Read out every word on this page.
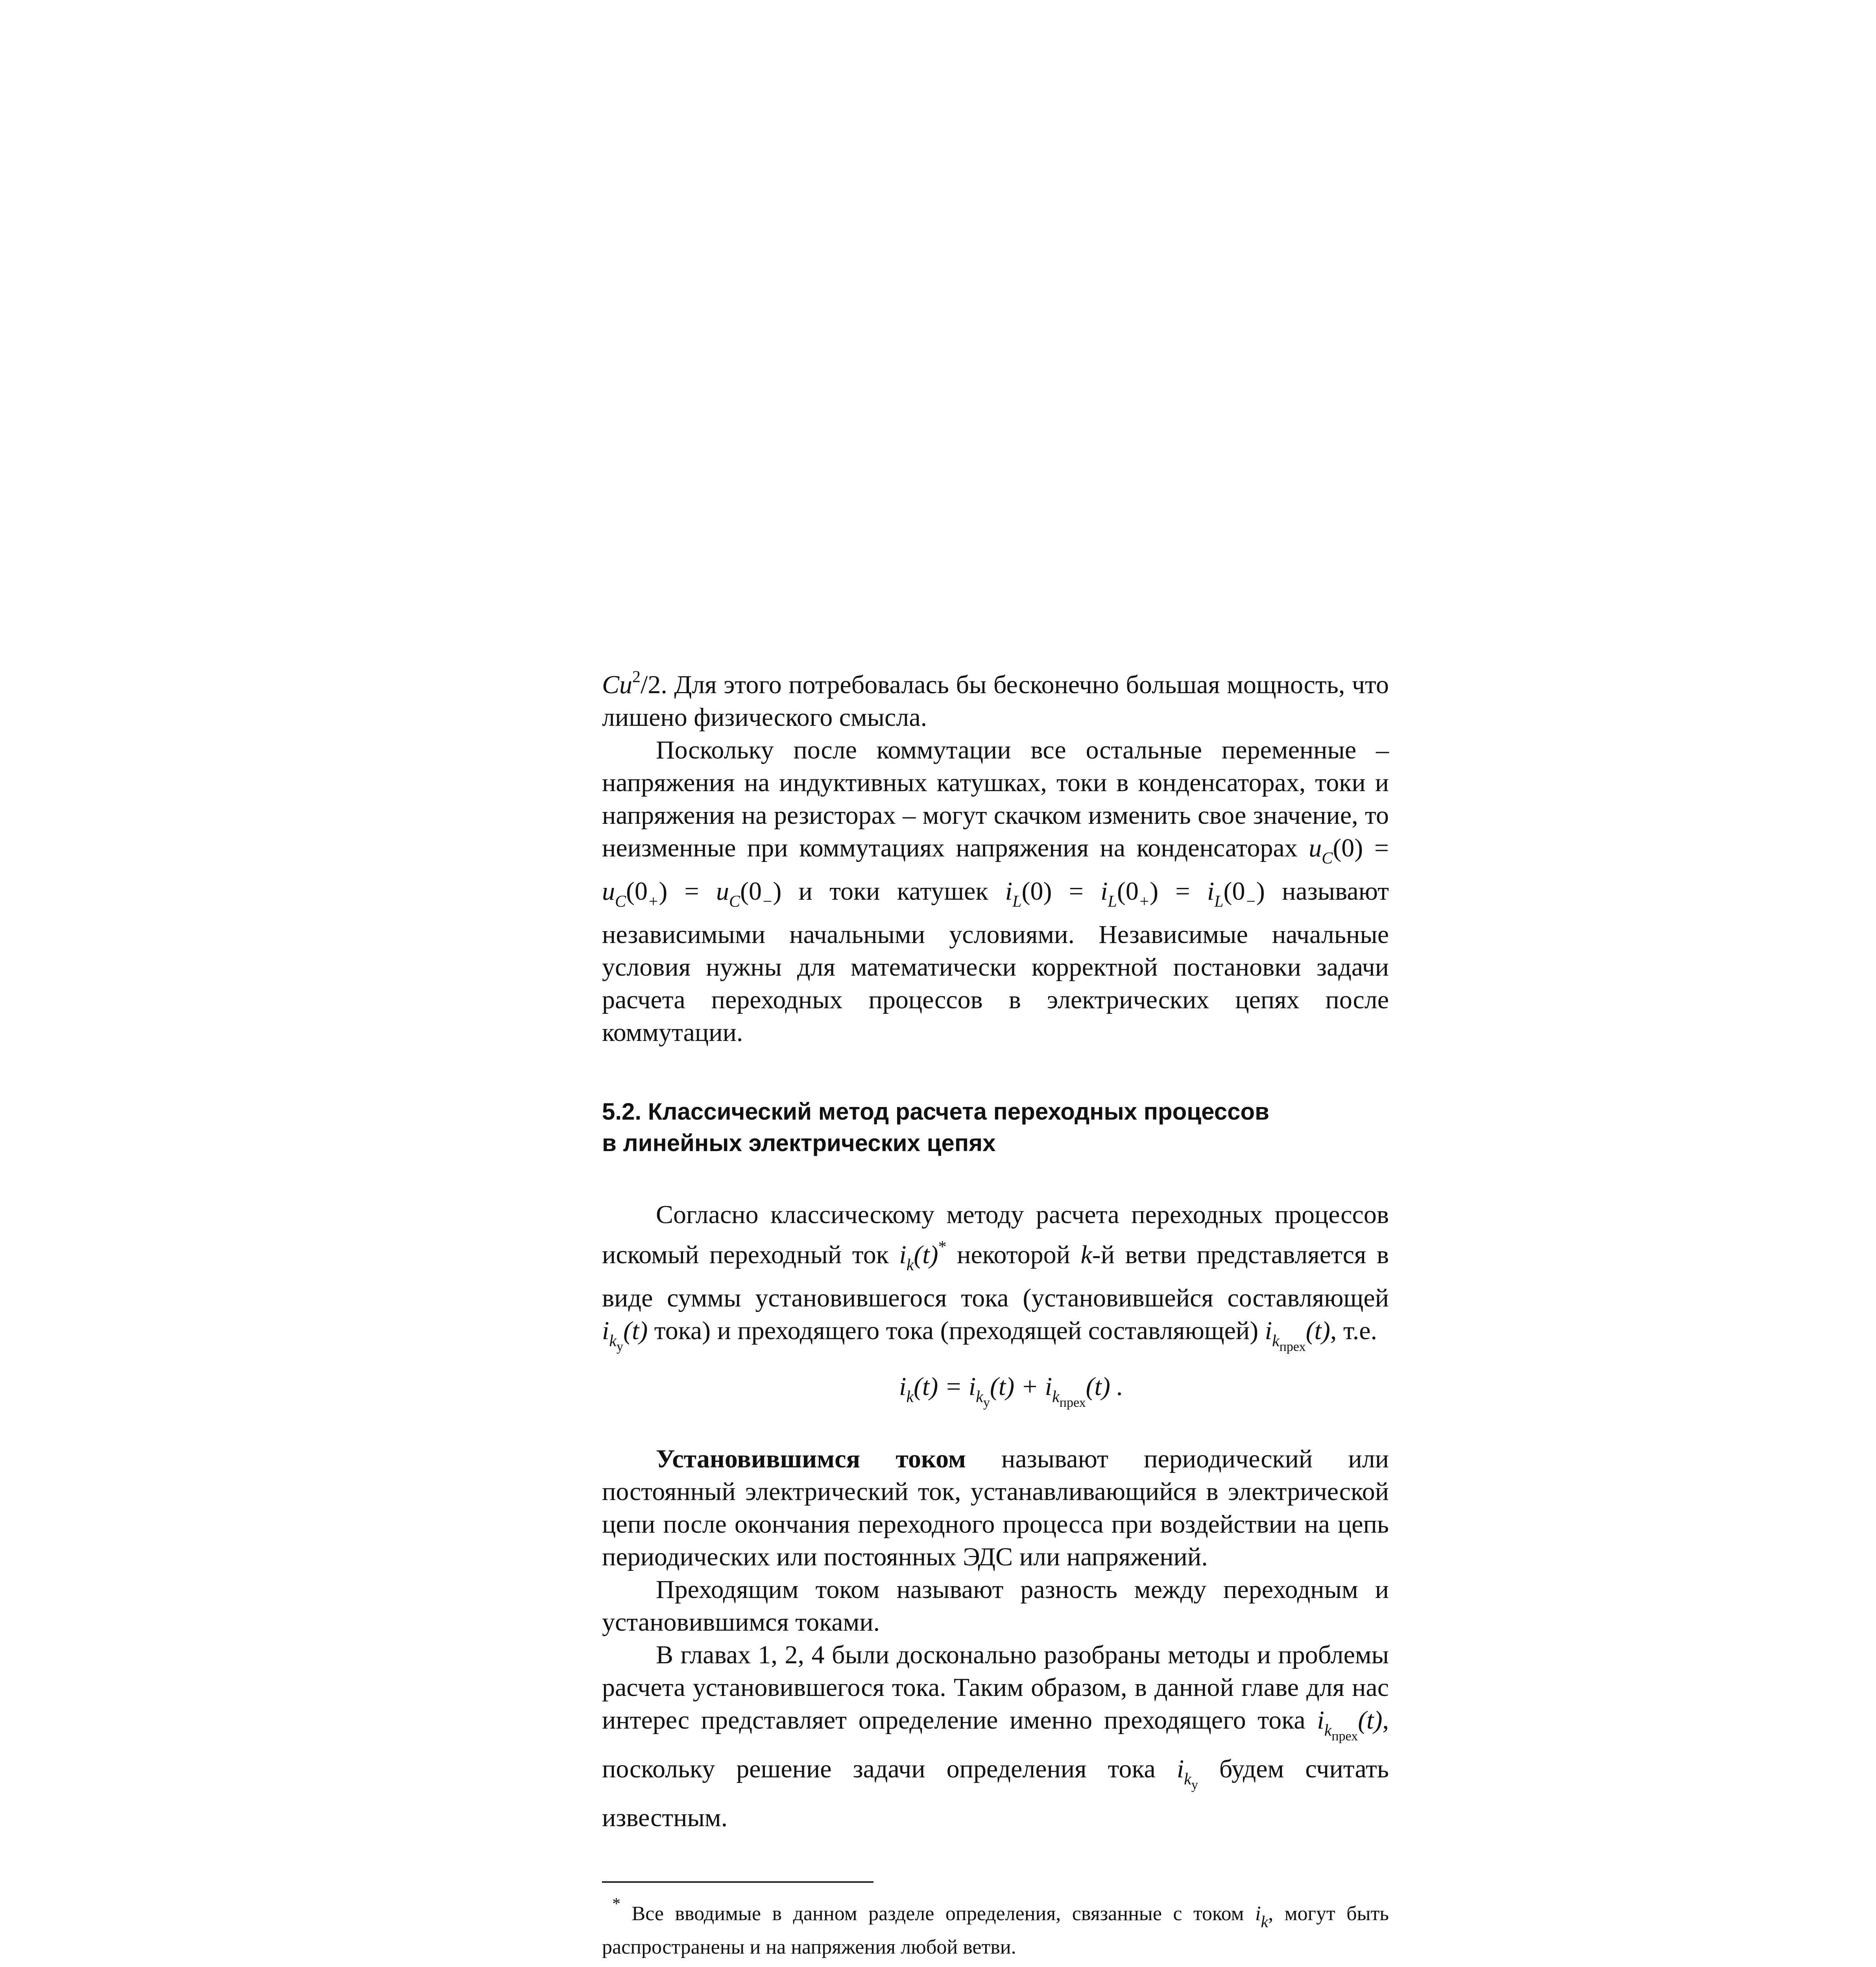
Cu$^2$/2. Для этого потребовалась бы бесконечно большая мощность, что лишено физического смысла.

Поскольку после коммутации все остальные переменные – напряжения на индуктивных катушках, токи в конденсаторах, токи и напряжения на резисторах – могут скачком изменить свое значение, то неизменные при коммутациях напряжения на конденсаторах $u_C(0) = u_C(0_+) = u_C(0_-)$ и токи катушек $i_L(0) = i_L(0_+) = i_L(0_-)$ называют независимыми начальными условиями. Независимые начальные условия нужны для математически корректной постановки задачи расчета переходных процессов в электрических цепях после коммутации.

5.2. Классический метод расчета переходных процессов
в линейных электрических цепях

Согласно классическому методу расчета переходных процессов искомый переходный ток $i_k(t)^*$ некоторой k-й ветви представляется в виде суммы установившегося тока (установившейся составляющей $i_{k_у}(t)$ тока) и преходящего тока (преходящей составляющей) $i_{k_{прех}}(t)$, т.е.

$i_k(t) = i_{k_у}(t) + i_{k_{прех}}(t)$ .

Установившимся током называют периодический или постоянный электрический ток, устанавливающийся в электрической цепи после окончания переходного процесса при воздействии на цепь периодических или постоянных ЭДС или напряжений.

Преходящим током называют разность между переходным и установившимся токами.

В главах 1, 2, 4 были досконально разобраны методы и проблемы расчета установившегося тока. Таким образом, в данной главе для нас интерес представляет определение именно преходящего тока $i_{k_{прех}}(t)$, поскольку решение задачи определения тока $i_{k_у}$ будем считать известным.

* Все вводимые в данном разделе определения, связанные с током $i_k$, могут быть распространены и на напряжения любой ветви.
